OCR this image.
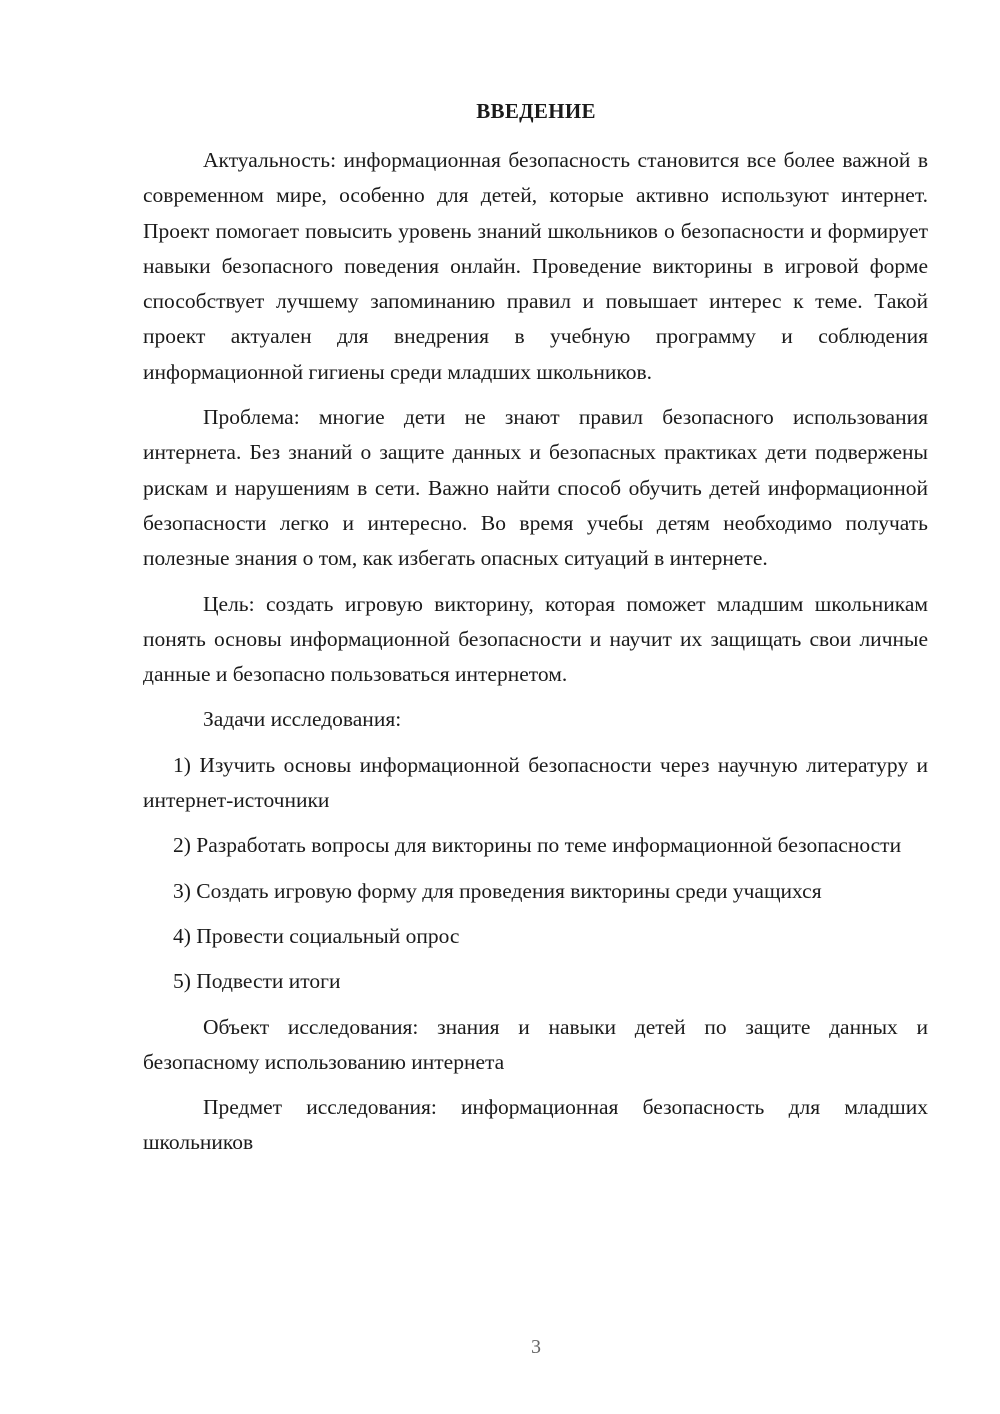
ВВЕДЕНИЕ

Актуальность: информационная безопасность становится все более важной в современном мире, особенно для детей, которые активно используют интернет. Проект помогает повысить уровень знаний школьников о безопасности и формирует навыки безопасного поведения онлайн. Проведение викторины в игровой форме способствует лучшему запоминанию правил и повышает интерес к теме. Такой проект актуален для внедрения в учебную программу и соблюдения информационной гигиены среди младших школьников.

Проблема: многие дети не знают правил безопасного использования интернета. Без знаний о защите данных и безопасных практиках дети подвержены рискам и нарушениям в сети. Важно найти способ обучить детей информационной безопасности легко и интересно. Во время учебы детям необходимо получать полезные знания о том, как избегать опасных ситуаций в интернете.

Цель: создать игровую викторину, которая поможет младшим школьникам понять основы информационной безопасности и научит их защищать свои личные данные и безопасно пользоваться интернетом.

Задачи исследования:

1) Изучить основы информационной безопасности через научную литературу и интернет-источники

2) Разработать вопросы для викторины по теме информационной безопасности

3) Создать игровую форму для проведения викторины среди учащихся

4) Провести социальный опрос

5) Подвести итоги

Объект исследования: знания и навыки детей по защите данных и безопасному использованию интернета

Предмет исследования: информационная безопасность для младших школьников

3
